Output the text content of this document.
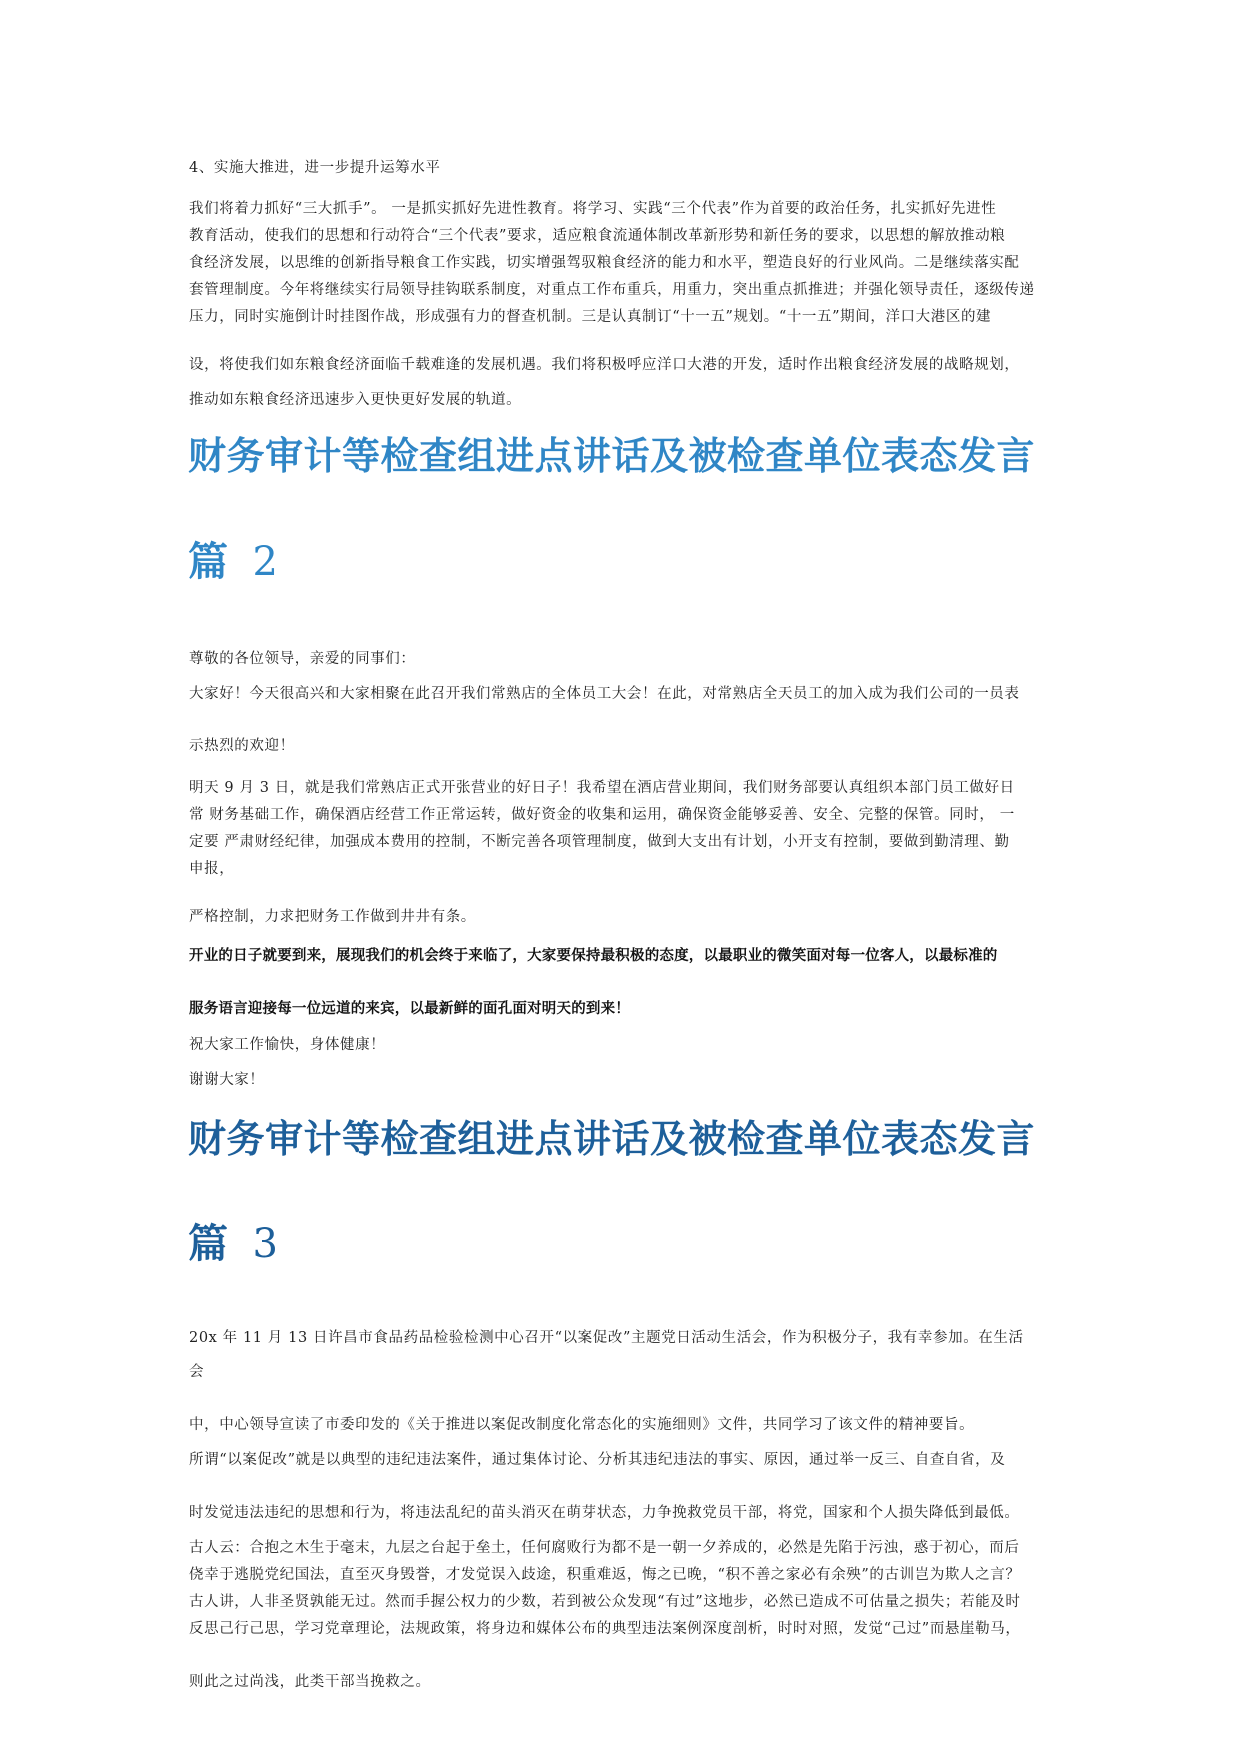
4、实施大推进，进一步提升运筹水平

我们将着力抓好“三大抓手”。 一是抓实抓好先进性教育。将学习、实践“三个代表”作为首要的政治任务，扎实抓好先进性

教育活动，使我们的思想和行动符合“三个代表”要求，适应粮食流通体制改革新形势和新任务的要求，以思想的解放推动粮

食经济发展，以思维的创新指导粮食工作实践，切实增强驾驭粮食经济的能力和水平，塑造良好的行业风尚。二是继续落实配

套管理制度。今年将继续实行局领导挂钩联系制度，对重点工作布重兵，用重力，突出重点抓推进；并强化领导责任，逐级传递

压力，同时实施倒计时挂图作战，形成强有力的督查机制。三是认真制订“十一五”规划。“十一五”期间，洋口大港区的建

设，将使我们如东粮食经济面临千载难逢的发展机遇。我们将积极呼应洋口大港的开发，适时作出粮食经济发展的战略规划，

推动如东粮食经济迅速步入更快更好发展的轨道。

财务审计等检查组进点讲话及被检查单位表态发言
篇 2

尊敬的各位领导，亲爱的同事们：

大家好！今天很高兴和大家相聚在此召开我们常熟店的全体员工大会！在此，对常熟店全天员工的加入成为我们公司的一员表

示热烈的欢迎！

明天 9 月 3 日，就是我们常熟店正式开张营业的好日子！我希望在酒店营业期间，我们财务部要认真组织本部门员工做好日

常 财务基础工作，确保酒店经营工作正常运转，做好资金的收集和运用，确保资金能够妥善、安全、完整的保管。同时， 一

定要 严肃财经纪律，加强成本费用的控制，不断完善各项管理制度，做到大支出有计划，小开支有控制，要做到勤清理、勤

申报，

严格控制，力求把财务工作做到井井有条。

开业的日子就要到来，展现我们的机会终于来临了，大家要保持最积极的态度，以最职业的微笑面对每一位客人，以最标准的

服务语言迎接每一位远道的来宾，以最新鲜的面孔面对明天的到来！

祝大家工作愉快，身体健康！

谢谢大家！

财务审计等检查组进点讲话及被检查单位表态发言
篇 3

20x 年 11 月 13 日许昌市食品药品检验检测中心召开“以案促改”主题党日活动生活会，作为积极分子，我有幸参加。在生活

会

中，中心领导宣读了市委印发的《关于推进以案促改制度化常态化的实施细则》文件，共同学习了该文件的精神要旨。

所谓“以案促改”就是以典型的违纪违法案件，通过集体讨论、分析其违纪违法的事实、原因，通过举一反三、自查自省，及

时发觉违法违纪的思想和行为，将违法乱纪的苗头消灭在萌芽状态，力争挽救党员干部，将党，国家和个人损失降低到最低。

古人云：合抱之木生于毫末，九层之台起于垒土，任何腐败行为都不是一朝一夕养成的，必然是先陷于污浊，惑于初心，而后

侥幸于逃脱党纪国法，直至灭身毁誉，才发觉误入歧途，积重难返，悔之已晚，“积不善之家必有余殃”的古训岂为欺人之言？

古人讲，人非圣贤孰能无过。然而手握公权力的少数，若到被公众发现“有过”这地步，必然已造成不可估量之损失；若能及时

反思己行己思，学习党章理论，法规政策，将身边和媒体公布的典型违法案例深度剖析，时时对照，发觉“己过”而悬崖勒马，

则此之过尚浅，此类干部当挽救之。
